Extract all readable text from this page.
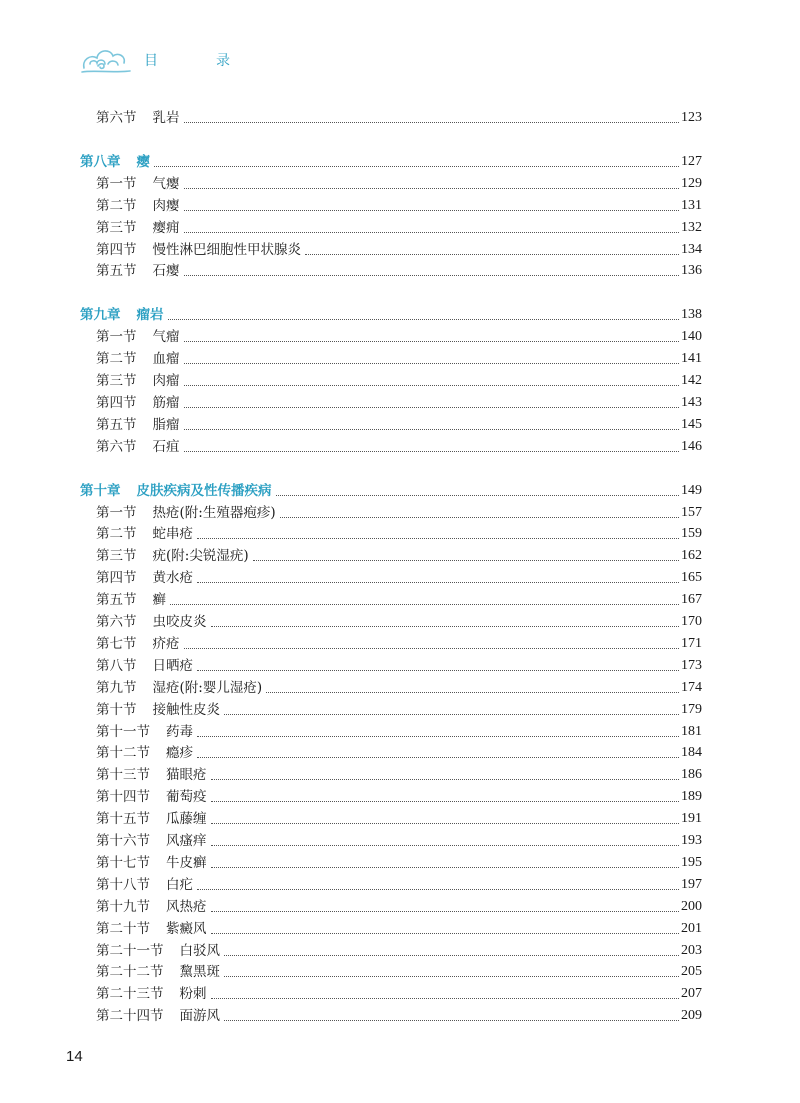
目　录
第六节 乳岩	123
第八章 瘿	127
第一节 气瘿	129
第二节 肉瘿	131
第三节 瘿痈	132
第四节 慢性淋巴细胞性甲状腺炎	134
第五节 石瘿	136
第九章 瘤岩	138
第一节 气瘤	140
第二节 血瘤	141
第三节 肉瘤	142
第四节 筋瘤	143
第五节 脂瘤	145
第六节 石疽	146
第十章 皮肤疾病及性传播疾病	149
第一节 热疮(附:生殖器疱疹)	157
第二节 蛇串疮	159
第三节 疣(附:尖锐湿疣)	162
第四节 黄水疮	165
第五节 癣	167
第六节 虫咬皮炎	170
第七节 疥疮	171
第八节 日晒疮	173
第九节 湿疮(附:婴儿湿疮)	174
第十节 接触性皮炎	179
第十一节 药毒	181
第十二节 瘾疹	184
第十三节 猫眼疮	186
第十四节 葡萄疫	189
第十五节 瓜藤缠	191
第十六节 风瘙痒	193
第十七节 牛皮癣	195
第十八节 白疕	197
第十九节 风热疮	200
第二十节 紫癜风	201
第二十一节 白驳风	203
第二十二节 黧黑斑	205
第二十三节 粉刺	207
第二十四节 面游风	209
14
